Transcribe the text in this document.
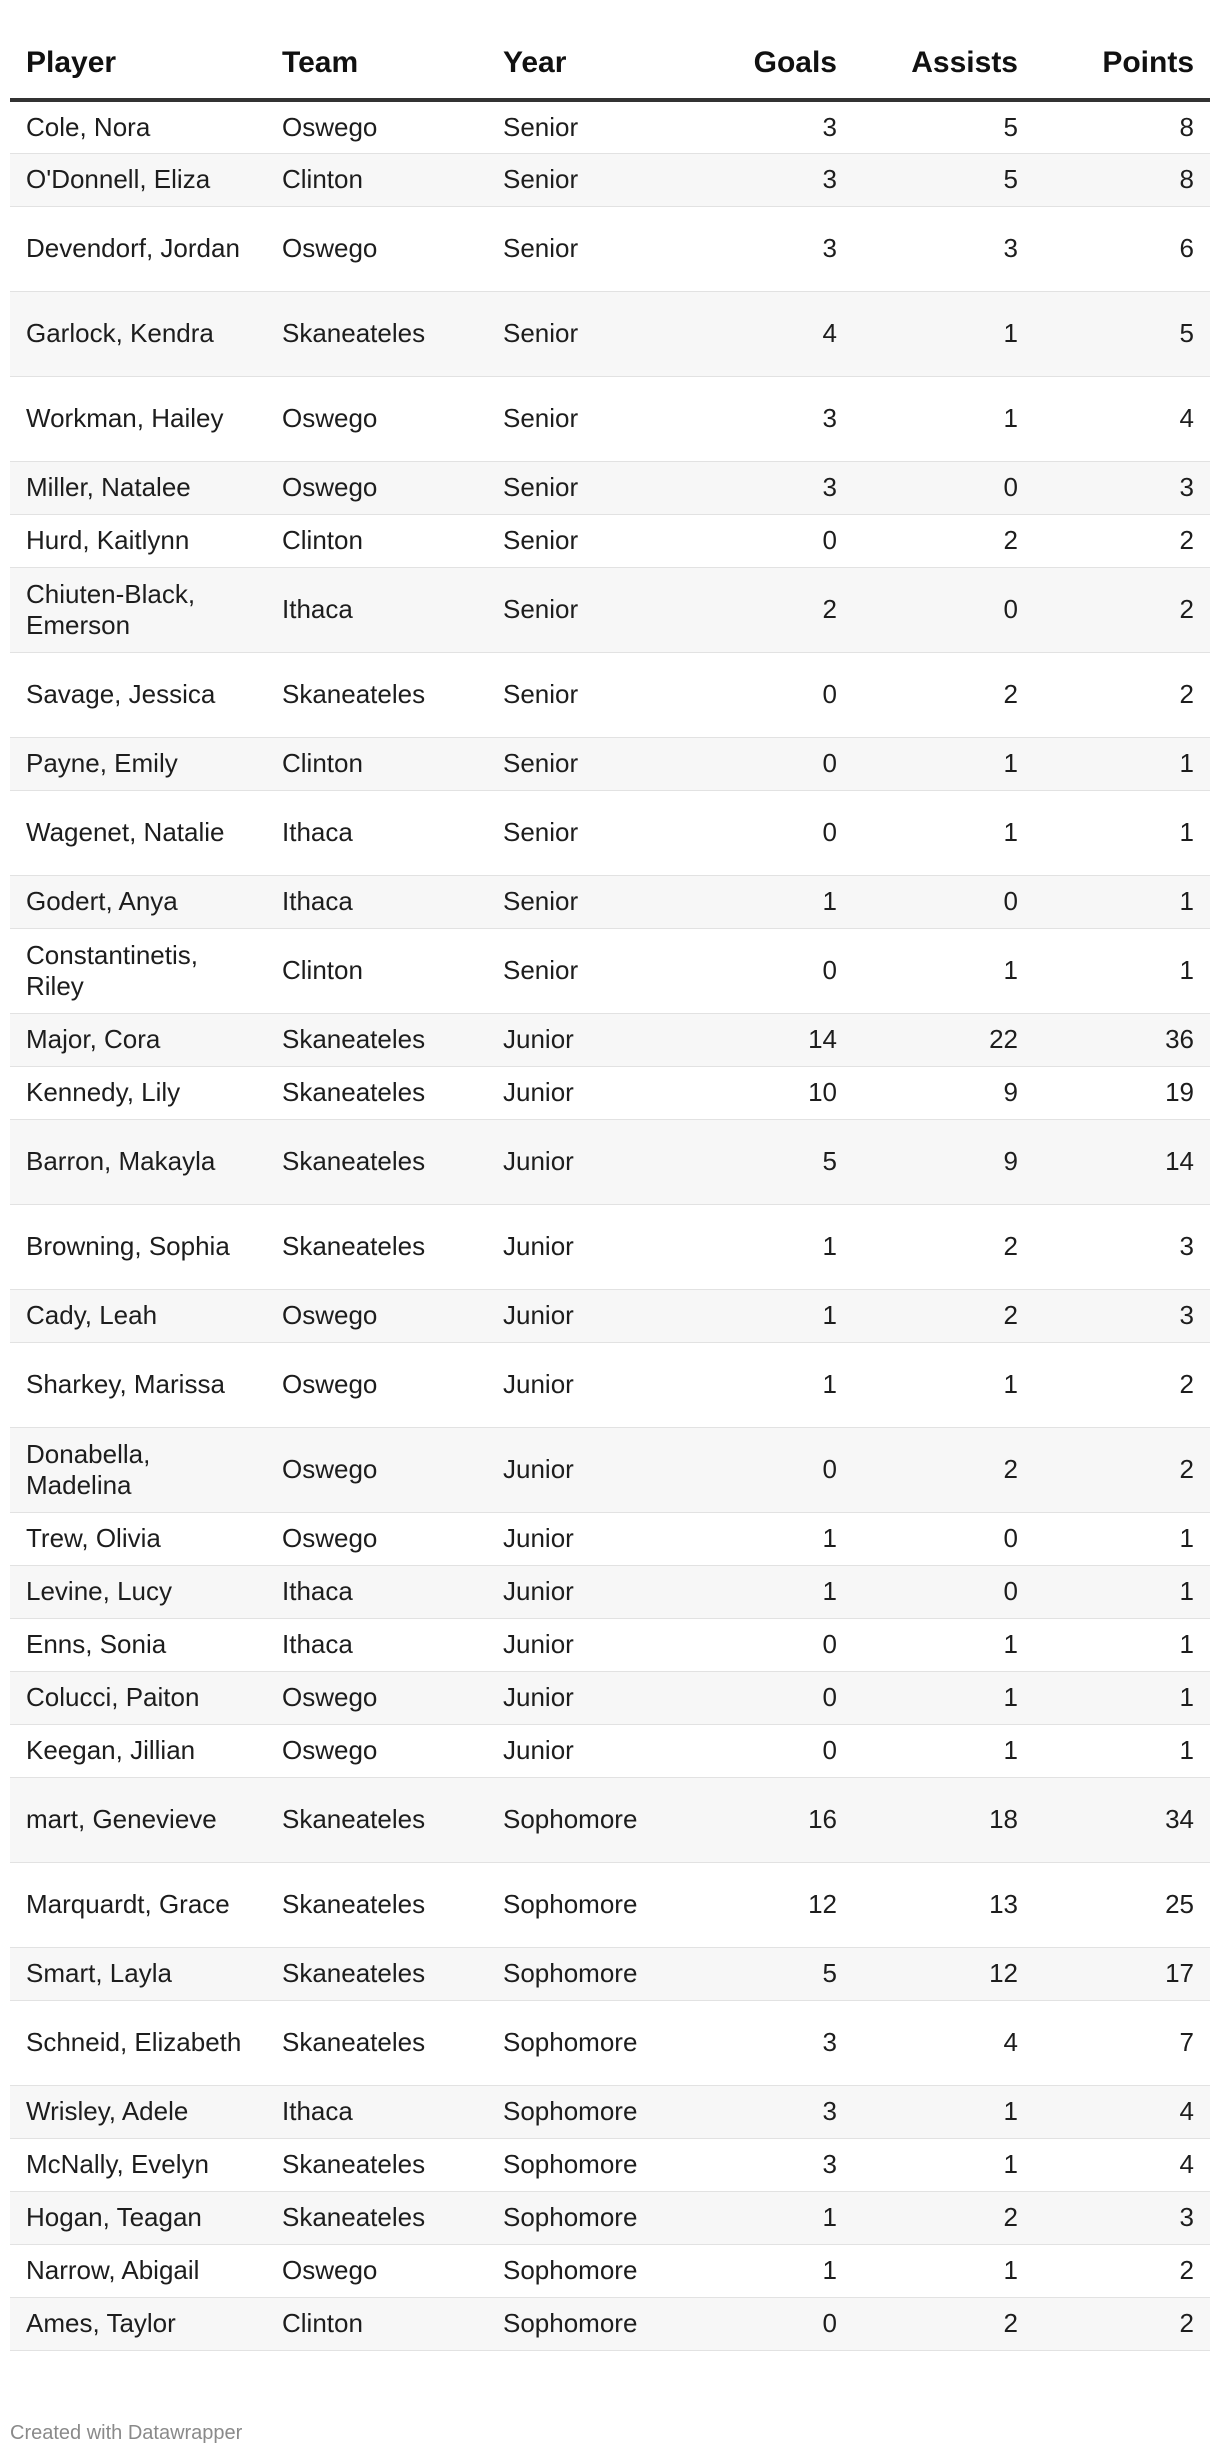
Player	Team	Year	Goals	Assists	Points
Cole, Nora	Oswego	Senior	3	5	8
O'Donnell, Eliza	Clinton	Senior	3	5	8
Devendorf, Jordan	Oswego	Senior	3	3	6
Garlock, Kendra	Skaneateles	Senior	4	1	5
Workman, Hailey	Oswego	Senior	3	1	4
Miller, Natalee	Oswego	Senior	3	0	3
Hurd, Kaitlynn	Clinton	Senior	0	2	2
Chiuten-Black, Emerson	Ithaca	Senior	2	0	2
Savage, Jessica	Skaneateles	Senior	0	2	2
Payne, Emily	Clinton	Senior	0	1	1
Wagenet, Natalie	Ithaca	Senior	0	1	1
Godert, Anya	Ithaca	Senior	1	0	1
Constantinetis, Riley	Clinton	Senior	0	1	1
Major, Cora	Skaneateles	Junior	14	22	36
Kennedy, Lily	Skaneateles	Junior	10	9	19
Barron, Makayla	Skaneateles	Junior	5	9	14
Browning, Sophia	Skaneateles	Junior	1	2	3
Cady, Leah	Oswego	Junior	1	2	3
Sharkey, Marissa	Oswego	Junior	1	1	2
Donabella, Madelina	Oswego	Junior	0	2	2
Trew, Olivia	Oswego	Junior	1	0	1
Levine, Lucy	Ithaca	Junior	1	0	1
Enns, Sonia	Ithaca	Junior	0	1	1
Colucci, Paiton	Oswego	Junior	0	1	1
Keegan, Jillian	Oswego	Junior	0	1	1
mart, Genevieve	Skaneateles	Sophomore	16	18	34
Marquardt, Grace	Skaneateles	Sophomore	12	13	25
Smart, Layla	Skaneateles	Sophomore	5	12	17
Schneid, Elizabeth	Skaneateles	Sophomore	3	4	7
Wrisley, Adele	Ithaca	Sophomore	3	1	4
McNally, Evelyn	Skaneateles	Sophomore	3	1	4
Hogan, Teagan	Skaneateles	Sophomore	1	2	3
Narrow, Abigail	Oswego	Sophomore	1	1	2
Ames, Taylor	Clinton	Sophomore	0	2	2
Created with Datawrapper
